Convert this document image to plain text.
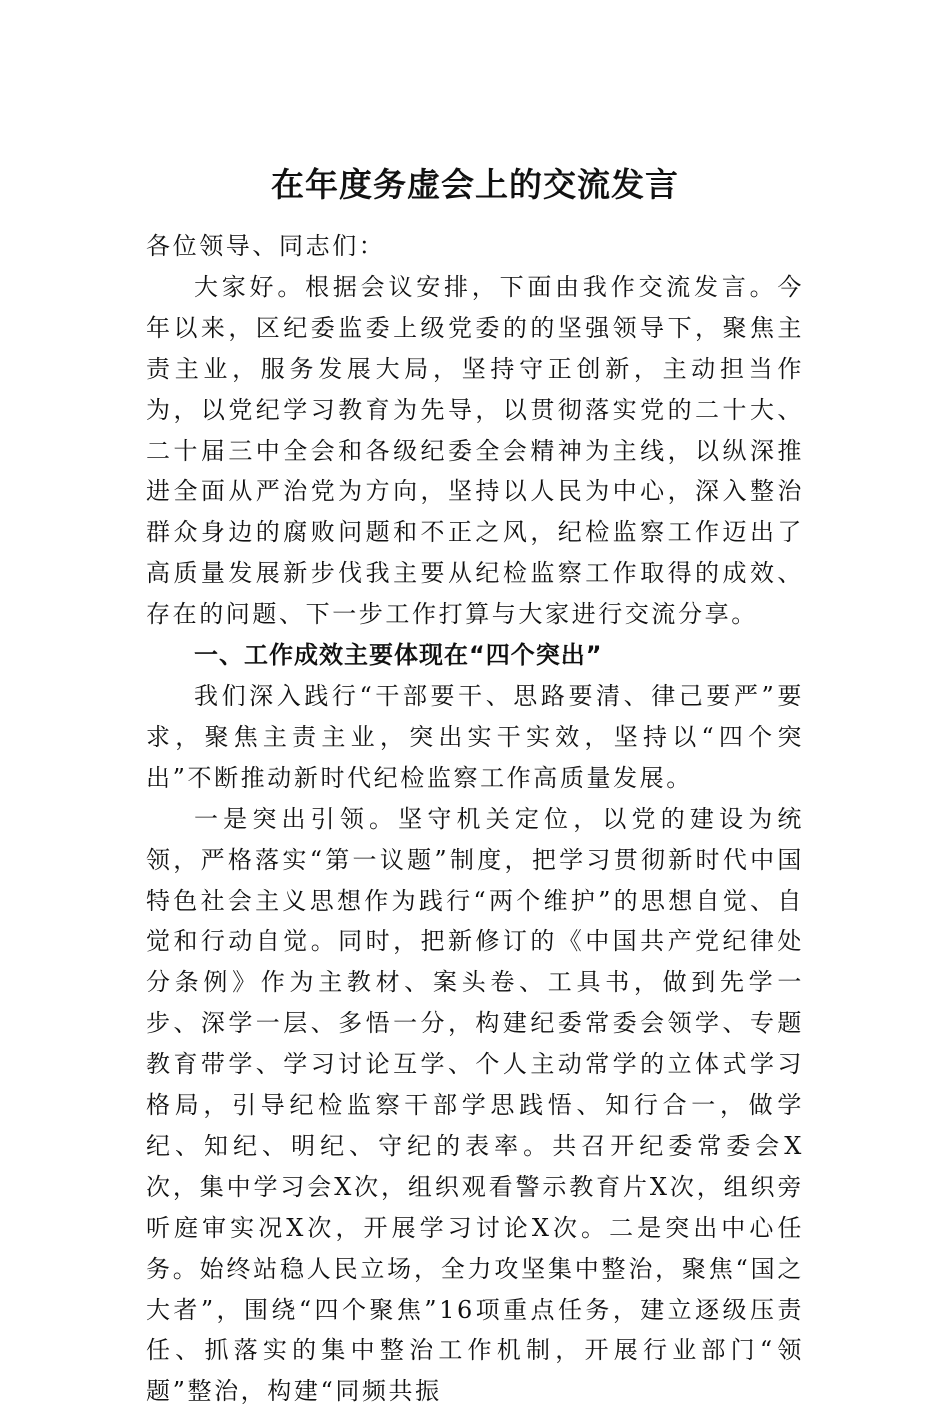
在年度务虚会上的交流发言

各位领导、同志们：

大家好。根据会议安排，下面由我作交流发言。今年以来，区纪委监委上级党委的的坚强领导下，聚焦主责主业，服务发展大局，坚持守正创新，主动担当作为，以党纪学习教育为先导，以贯彻落实党的二十大、二十届三中全会和各级纪委全会精神为主线，以纵深推进全面从严治党为方向，坚持以人民为中心，深入整治群众身边的腐败问题和不正之风，纪检监察工作迈出了高质量发展新步伐我主要从纪检监察工作取得的成效、存在的问题、下一步工作打算与大家进行交流分享。

一、工作成效主要体现在“四个突出”

我们深入践行“干部要干、思路要清、律己要严”要求，聚焦主责主业，突出实干实效，坚持以“四个突出”不断推动新时代纪检监察工作高质量发展。

一是突出引领。坚守机关定位，以党的建设为统领，严格落实“第一议题”制度，把学习贯彻新时代中国特色社会主义思想作为践行“两个维护”的思想自觉、自觉和行动自觉。同时，把新修订的《中国共产党纪律处分条例》作为主教材、案头卷、工具书，做到先学一步、深学一层、多悟一分，构建纪委常委会领学、专题教育带学、学习讨论互学、个人主动常学的立体式学习格局，引导纪检监察干部学思践悟、知行合一，做学纪、知纪、明纪、守纪的表率。共召开纪委常委会X次，集中学习会X次，组织观看警示教育片X次，组织旁听庭审实况X次，开展学习讨论X次。二是突出中心任务。始终站稳人民立场，全力攻坚集中整治，聚焦“国之大者”，围绕“四个聚焦”16项重点任务，建立逐级压责任、抓落实的集中整治工作机制，开展行业部门“领题”整治，构建“同频共振
